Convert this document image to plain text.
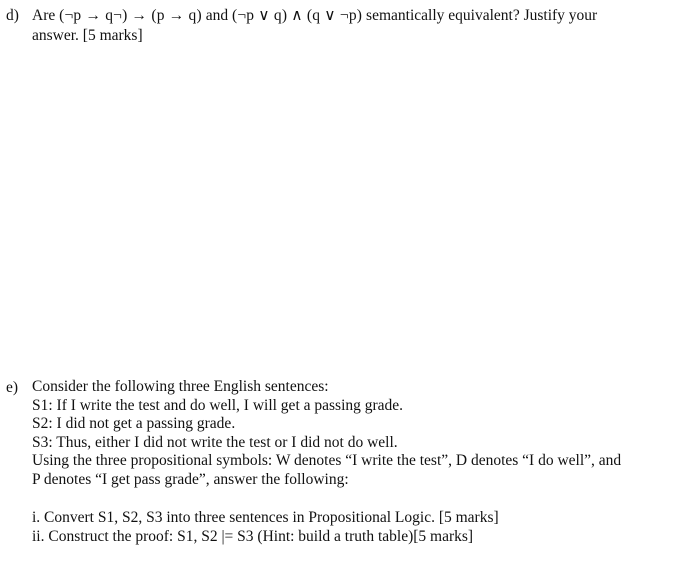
d) Are (¬p → q¬) → (p → q) and (¬p ∨ q) ∧ (q ∨ ¬p) semantically equivalent? Justify your
answer. [5 marks]
e) Consider the following three English sentences:
S1: If I write the test and do well, I will get a passing grade.
S2: I did not get a passing grade.
S3: Thus, either I did not write the test or I did not do well.
Using the three propositional symbols: W denotes “I write the test”, D denotes “I do well”, and
P denotes “I get pass grade”, answer the following:
i. Convert S1, S2, S3 into three sentences in Propositional Logic. [5 marks]
ii. Construct the proof: S1, S2 |= S3 (Hint: build a truth table)[5 marks]
